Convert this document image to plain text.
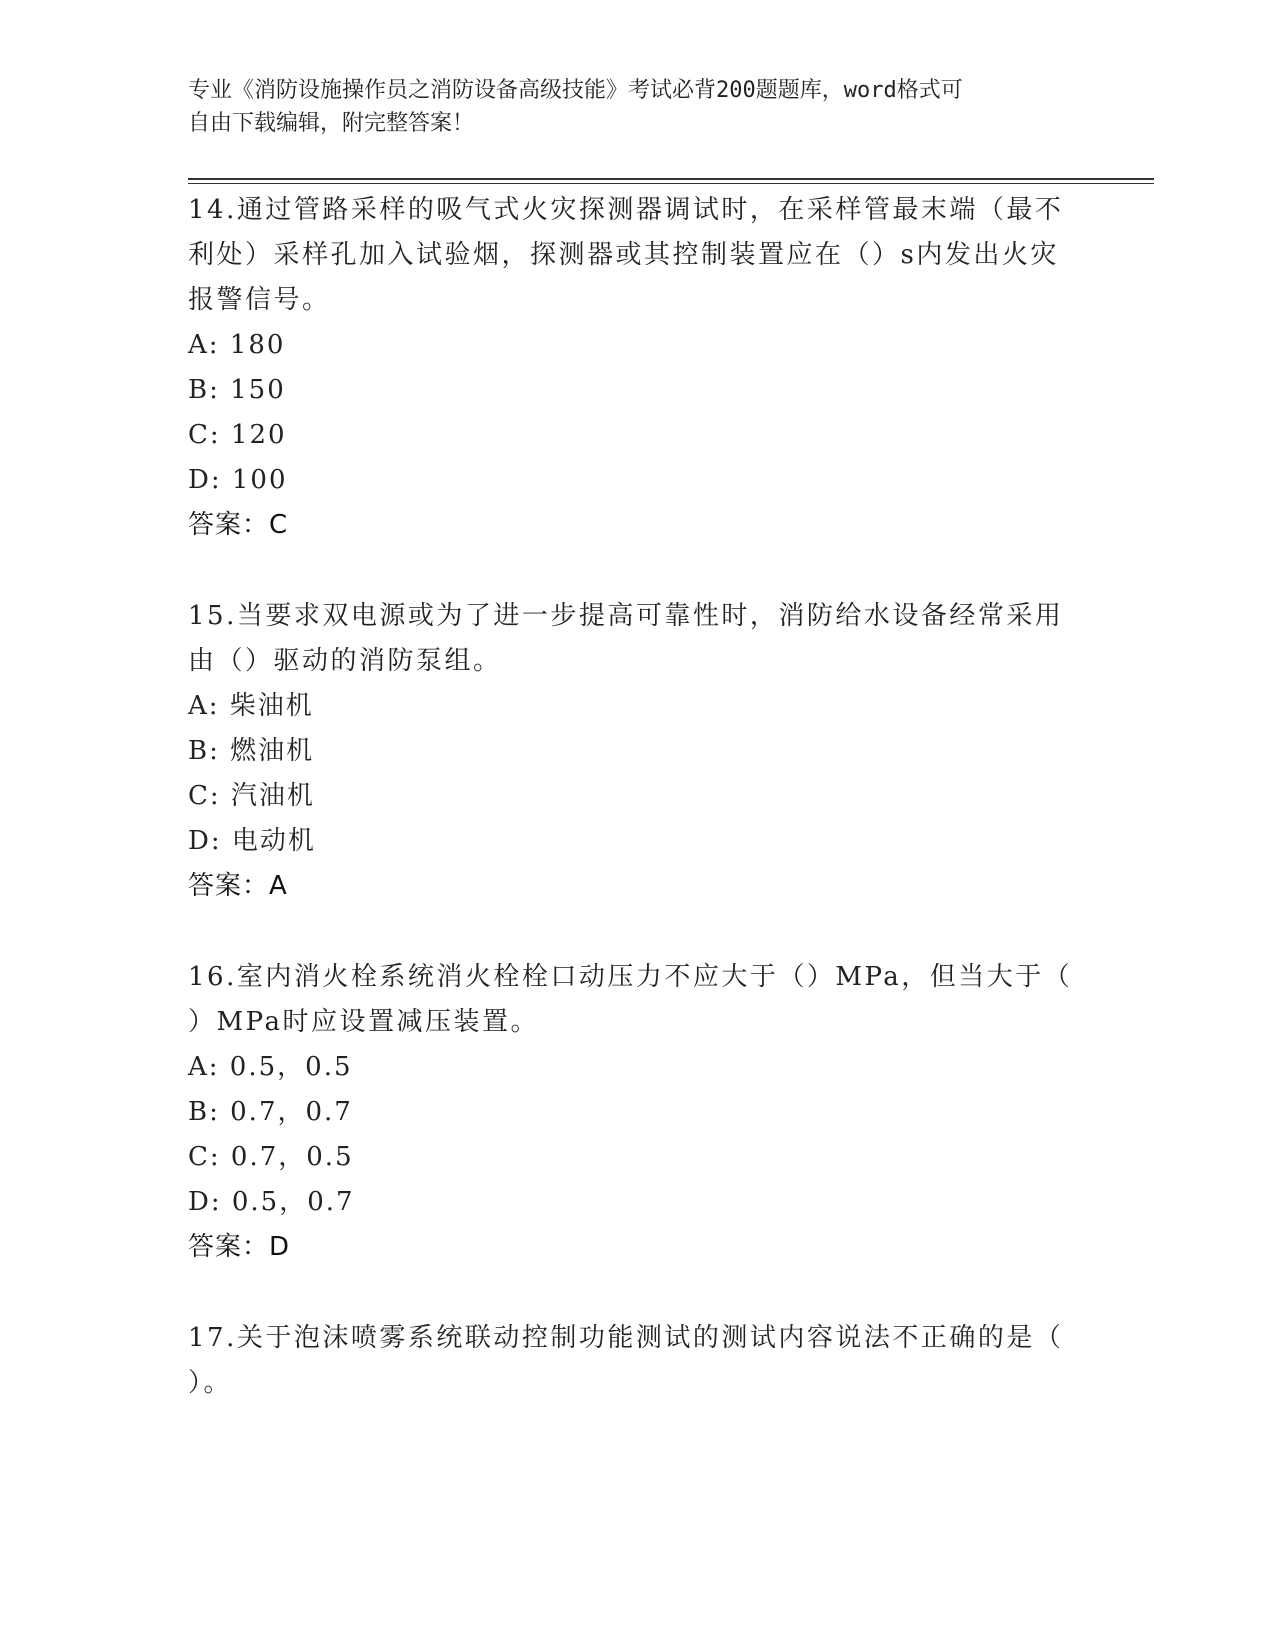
专业《消防设施操作员之消防设备高级技能》考试必背200题题库，word格式可

自由下载编辑，附完整答案！

14.通过管路采样的吸气式火灾探测器调试时，在采样管最末端（最不

利处）采样孔加入试验烟，探测器或其控制装置应在（）s内发出火灾

报警信号。

A: 180

B: 150

C: 120

D: 100

答案：C

15.当要求双电源或为了进一步提高可靠性时，消防给水设备经常采用

由（）驱动的消防泵组。

A: 柴油机

B: 燃油机

C: 汽油机

D: 电动机

答案：A

16.室内消火栓系统消火栓栓口动压力不应大于（）MPa，但当大于（

）MPa时应设置减压装置。

A: 0.5，0.5

B: 0.7，0.7

C: 0.7，0.5

D: 0.5，0.7

答案：D

17.关于泡沫喷雾系统联动控制功能测试的测试内容说法不正确的是（

）。
